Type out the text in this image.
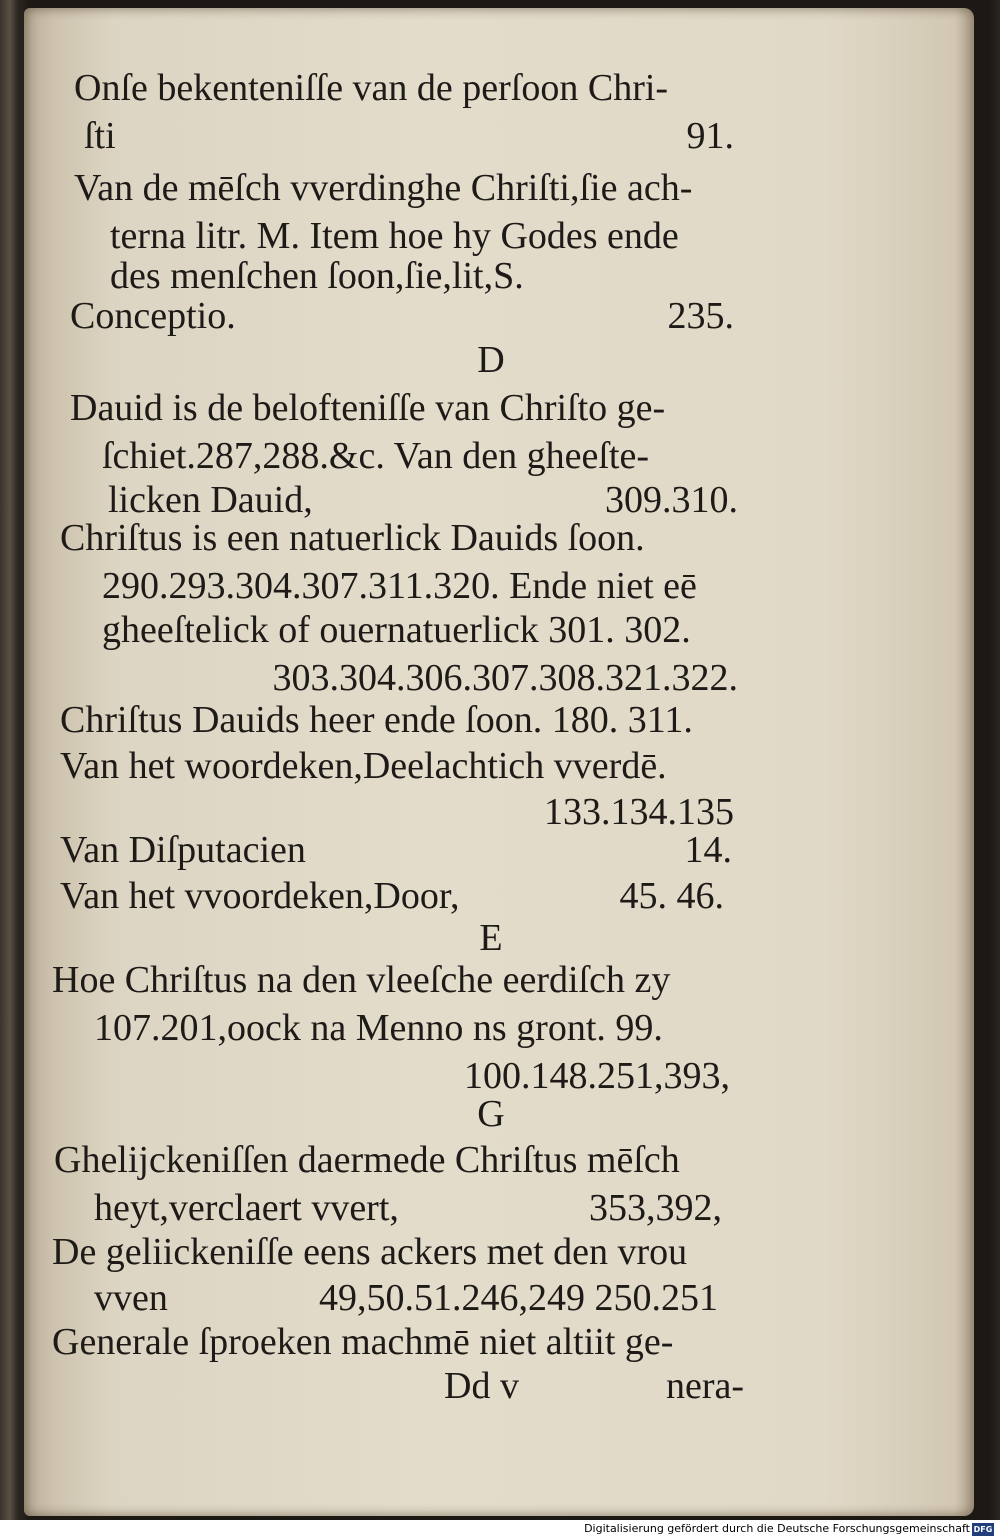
Onſe bekenteniſſe van de perſoon Chri-
ſti	91.
Van de mēſch vverdinghe Chriſti,ſie ach-
terna litr. M. Item hoe hy Godes ende
des menſchen ſoon,ſie,lit,S.
Conceptio.	235.
D
Dauid is de belofteniſſe van Chriſto ge-
ſchiet.287,288.&c. Van den gheeſte-
licken Dauid,	309.310.
Chriſtus is een natuerlick Dauids ſoon.
290.293.304.307.311.320. Ende niet eē
gheeſtelick of ouernatuerlick 301. 302.
303.304.306.307.308.321.322.
Chriſtus Dauids heer ende ſoon. 180. 311.
Van het woordeken,Deelachtich vverdē.
133.134.135
Van Diſputacien	14.
Van het vvoordeken,Door,	45. 46.
E
Hoe Chriſtus na den vleeſche eerdiſch zy
107.201,oock na Menno ns gront. 99.
100.148.251,393,
G
Ghelijckeniſſen daermede Chriſtus mēſch
heyt,verclaert vvert,	353,392,
De geliickeniſſe eens ackers met den vrou
vven	49,50.51.246,249 250.251
Generale ſproeken machmē niet altiit ge-
Dd v	nera-
Digitalisierung gefördert durch die Deutsche Forschungsgemeinschaft DFG
